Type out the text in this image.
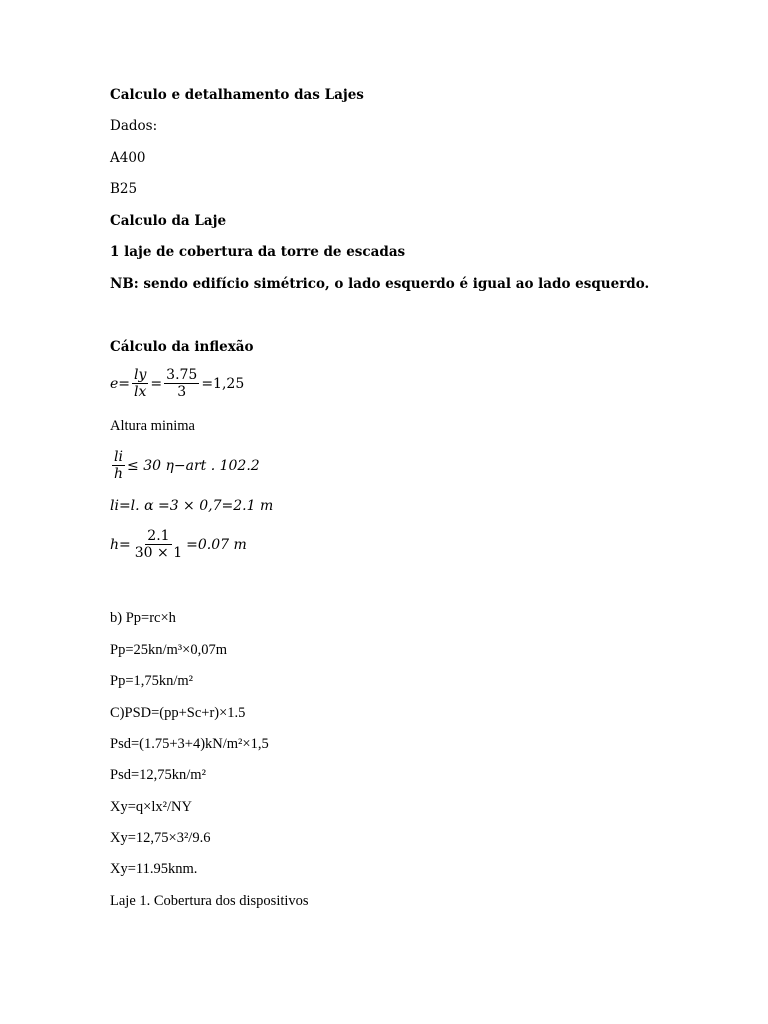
Calculo e detalhamento das Lajes
Dados:
A400
B25
Calculo da Laje
1 laje de cobertura da torre de escadas
NB: sendo edifício simétrico, o lado esquerdo é igual ao lado esquerdo.
Cálculo da inflexão
$e = \frac{ly}{lx} = \frac{3.75}{3} =1,25$
Altura minima
$\frac{li}{h} \le 30$ η−art . 102.2
li=l. α =3 × 0,7=2.1 m
$h= \frac{2.1}{30 \times 1} =0.07$ m
b) Pp=rc×h
Pp=25kn/m³×0,07m
Pp=1,75kn/m²
C)PSD=(pp+Sc+r)×1.5
Psd=(1.75+3+4)kN/m²×1,5
Psd=12,75kn/m²
Xy=q×lx²/NY
Xy=12,75×3²/9.6
Xy=11.95knm.
Laje 1. Cobertura dos dispositivos
